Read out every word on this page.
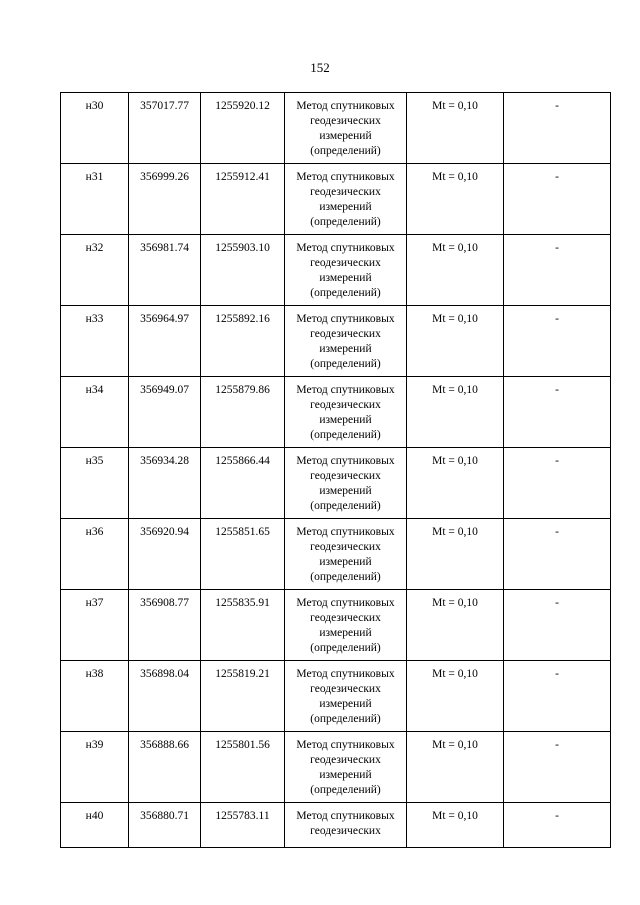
152
н30	357017.77	1255920.12	Метод спутниковых геодезических измерений (определений)	Mt = 0,10	-
н31	356999.26	1255912.41	Метод спутниковых геодезических измерений (определений)	Mt = 0,10	-
н32	356981.74	1255903.10	Метод спутниковых геодезических измерений (определений)	Mt = 0,10	-
н33	356964.97	1255892.16	Метод спутниковых геодезических измерений (определений)	Mt = 0,10	-
н34	356949.07	1255879.86	Метод спутниковых геодезических измерений (определений)	Mt = 0,10	-
н35	356934.28	1255866.44	Метод спутниковых геодезических измерений (определений)	Mt = 0,10	-
н36	356920.94	1255851.65	Метод спутниковых геодезических измерений (определений)	Mt = 0,10	-
н37	356908.77	1255835.91	Метод спутниковых геодезических измерений (определений)	Mt = 0,10	-
н38	356898.04	1255819.21	Метод спутниковых геодезических измерений (определений)	Mt = 0,10	-
н39	356888.66	1255801.56	Метод спутниковых геодезических измерений (определений)	Mt = 0,10	-
н40	356880.71	1255783.11	Метод спутниковых геодезических	Mt = 0,10	-
